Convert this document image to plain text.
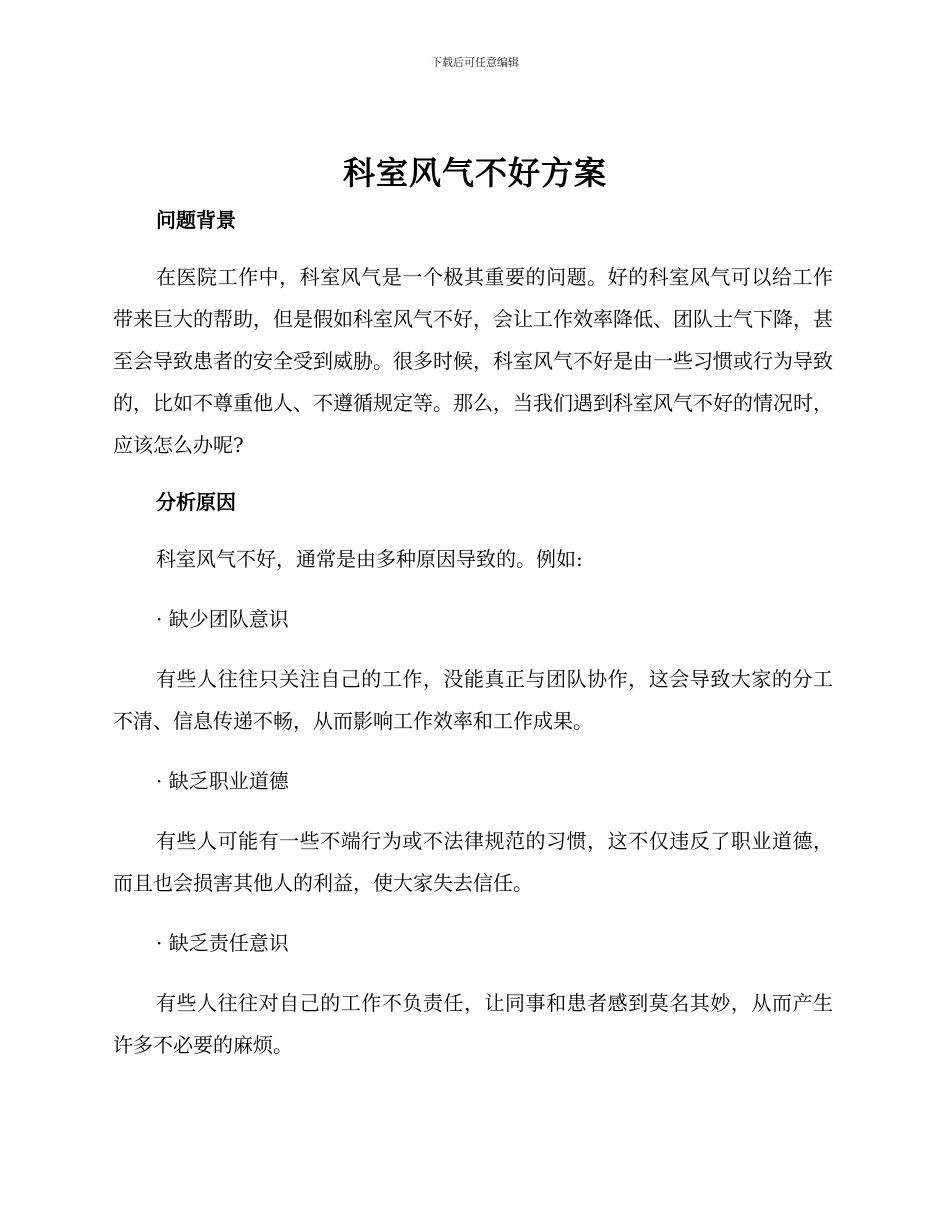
下载后可任意编辑
科室风气不好方案
问题背景

在医院工作中，科室风气是一个极其重要的问题。好的科室风气可以给工作带来巨大的帮助，但是假如科室风气不好，会让工作效率降低、团队士气下降，甚至会导致患者的安全受到威胁。很多时候，科室风气不好是由一些习惯或行为导致的，比如不尊重他人、不遵循规定等。那么，当我们遇到科室风气不好的情况时，应该怎么办呢?

分析原因

科室风气不好，通常是由多种原因导致的。例如:

· 缺少团队意识

有些人往往只关注自己的工作，没能真正与团队协作，这会导致大家的分工不清、信息传递不畅，从而影响工作效率和工作成果。

· 缺乏职业道德

有些人可能有一些不端行为或不法律规范的习惯，这不仅违反了职业道德，而且也会损害其他人的利益，使大家失去信任。

· 缺乏责任意识

有些人往往对自己的工作不负责任，让同事和患者感到莫名其妙，从而产生许多不必要的麻烦。
